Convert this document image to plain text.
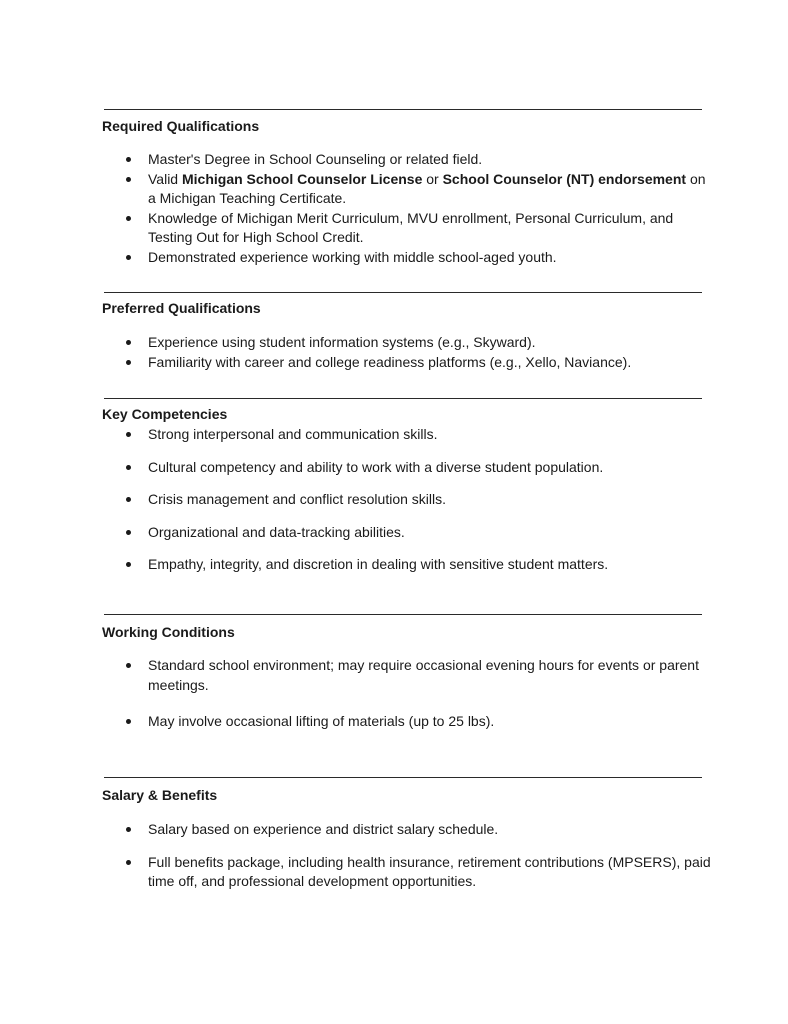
Required Qualifications
Master's Degree in School Counseling or related field.
Valid Michigan School Counselor License or School Counselor (NT) endorsement on a Michigan Teaching Certificate.
Knowledge of Michigan Merit Curriculum, MVU enrollment, Personal Curriculum, and Testing Out for High School Credit.
Demonstrated experience working with middle school-aged youth.
Preferred Qualifications
Experience using student information systems (e.g., Skyward).
Familiarity with career and college readiness platforms (e.g., Xello, Naviance).
Key Competencies
Strong interpersonal and communication skills.
Cultural competency and ability to work with a diverse student population.
Crisis management and conflict resolution skills.
Organizational and data-tracking abilities.
Empathy, integrity, and discretion in dealing with sensitive student matters.
Working Conditions
Standard school environment; may require occasional evening hours for events or parent meetings.
May involve occasional lifting of materials (up to 25 lbs).
Salary & Benefits
Salary based on experience and district salary schedule.
Full benefits package, including health insurance, retirement contributions (MPSERS), paid time off, and professional development opportunities.
